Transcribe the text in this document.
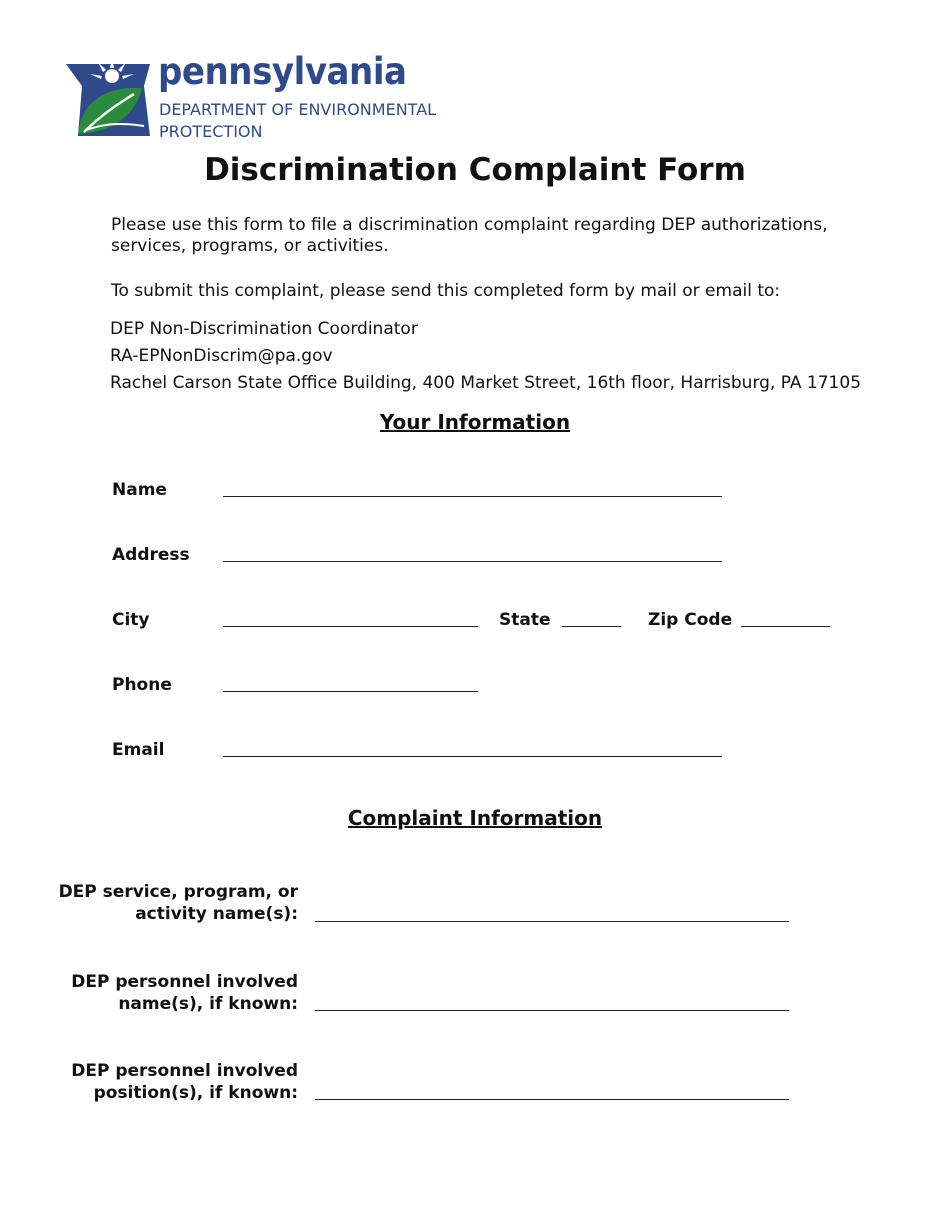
pennsylvania
DEPARTMENT OF ENVIRONMENTAL
PROTECTION
Discrimination Complaint Form
Please use this form to file a discrimination complaint regarding DEP authorizations, services, programs, or activities.
To submit this complaint, please send this completed form by mail or email to:
DEP Non-Discrimination Coordinator
RA-EPNonDiscrim@pa.gov
Rachel Carson State Office Building, 400 Market Street, 16th floor, Harrisburg, PA 17105
Your Information
Name
Address
City	State	Zip Code
Phone
Email
Complaint Information
DEP service, program, or
activity name(s):
DEP personnel involved
name(s), if known:
DEP personnel involved
position(s), if known:
